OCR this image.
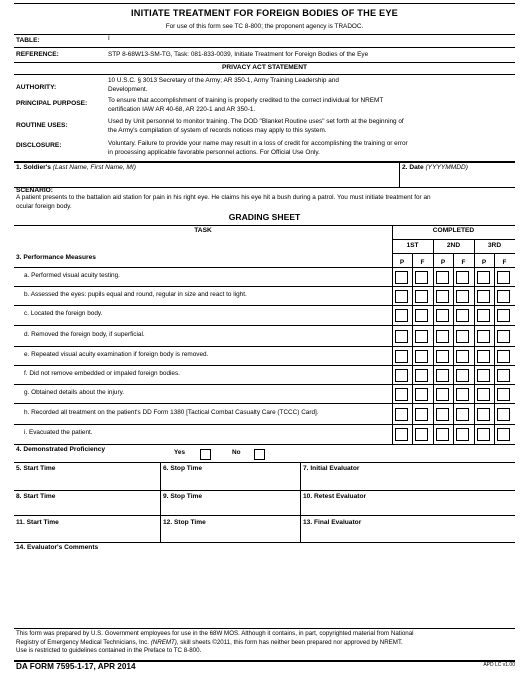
INITIATE TREATMENT FOR FOREIGN BODIES OF THE EYE
For use of this form see TC 8-800; the proponent agency is TRADOC.
TABLE:	I
REFERENCE:	STP 8-68W13-SM-TG, Task: 081-833-0039, Initiate Treatment for Foreign Bodies of the Eye
PRIVACY ACT STATEMENT
AUTHORITY:
10 U.S.C. § 3013 Secretary of the Army; AR 350-1, Army Training Leadership and
Development.
PRINCIPAL PURPOSE:	To ensure that accomplishment of training is properly credited to the correct individual for NREMT
certification IAW AR 40-68, AR 220-1 and AR 350-1.
ROUTINE USES:
Used by Unit personnel to monitor training. The DOD "Blanket Routine uses" set forth at the beginning of
the Army's compilation of system of records notices may apply to this system.
DISCLOSURE:	Voluntary. Failure to provide your name may result in a loss of credit for accomplishing the training or error
in processing applicable favorable personnel actions. For Official Use Only.
1. Soldier's (Last Name, First Name, MI)	2. Date (YYYYMMDD)
SCENARIO:
A patient presents to the battalion aid station for pain in his right eye. He claims his eye hit a bush during a patrol. You must initiate treatment for an
ocular foreign body.
GRADING SHEET
TASK	COMPLETED
1ST	2ND	3RD
3. Performance Measures
P	F	P	F	P	F
a. Performed visual acuity testing.
b. Assessed the eyes: pupils equal and round, regular in size and react to light.
c. Located the foreign body.
d. Removed the foreign body, if superficial.
e. Repeated visual acuity examination if foreign body is removed.
f. Did not remove embedded or impaled foreign bodies.
g. Obtained details about the injury.
h. Recorded all treatment on the patient's DD Form 1380 [Tactical Combat Casualty Care (TCCC) Card].
i. Evacuated the patient.
4. Demonstrated Proficiency	Yes	No
5. Start Time	6. Stop Time	7. Initial Evaluator
8. Start Time	9. Stop Time	10. Retest Evaluator
11. Start Time	12. Stop Time	13. Final Evaluator
14. Evaluator's Comments
This form was prepared by U.S. Government employees for use in the 68W MOS. Although it contains, in part, copyrighted material from National
Registry of Emergency Medical Technicians, Inc. (NREMT), skill sheets ©2011, this form has neither been prepared nor approved by NREMT.
Use is restricted to guidelines contained in the Preface to TC 8-800.
DA FORM 7595-1-17, APR 2014	APD LC v1.00
